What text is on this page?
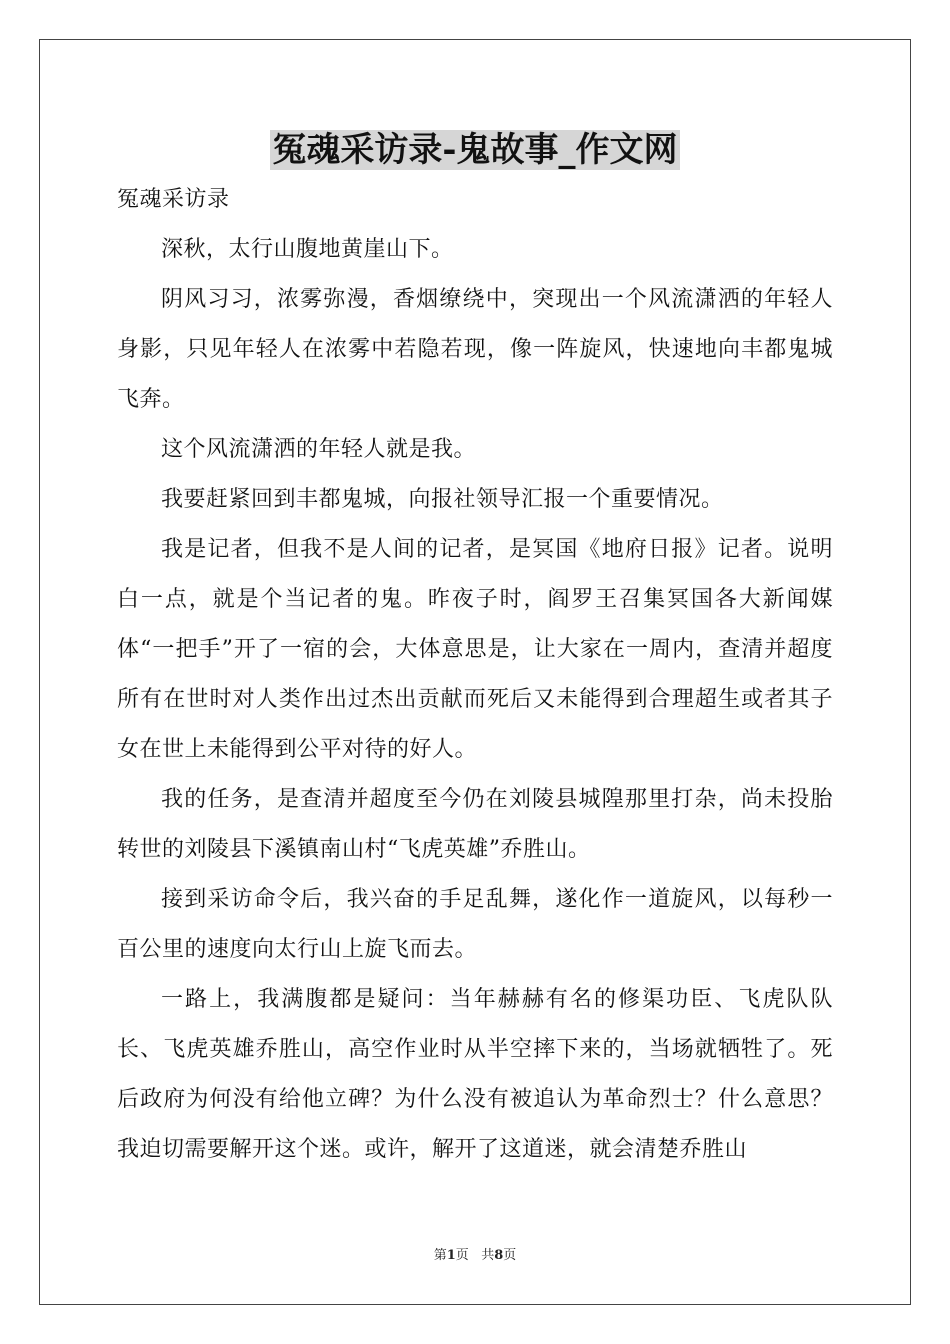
冤魂采访录-鬼故事_作文网

冤魂采访录

深秋，太行山腹地黄崖山下。

阴风习习，浓雾弥漫，香烟缭绕中，突现出一个风流潇洒的年轻人身影，只见年轻人在浓雾中若隐若现，像一阵旋风，快速地向丰都鬼城飞奔。

这个风流潇洒的年轻人就是我。

我要赶紧回到丰都鬼城，向报社领导汇报一个重要情况。

我是记者，但我不是人间的记者，是冥国《地府日报》记者。说明白一点，就是个当记者的鬼。昨夜子时，阎罗王召集冥国各大新闻媒体“一把手”开了一宿的会，大体意思是，让大家在一周内，查清并超度所有在世时对人类作出过杰出贡献而死后又未能得到合理超生或者其子女在世上未能得到公平对待的好人。

我的任务，是查清并超度至今仍在刘陵县城隍那里打杂，尚未投胎转世的刘陵县下溪镇南山村“飞虎英雄”乔胜山。

接到采访命令后，我兴奋的手足乱舞，遂化作一道旋风，以每秒一百公里的速度向太行山上旋飞而去。

一路上，我满腹都是疑问：当年赫赫有名的修渠功臣、飞虎队队长、飞虎英雄乔胜山，高空作业时从半空摔下来的，当场就牺牲了。死后政府为何没有给他立碑？为什么没有被追认为革命烈士？什么意思？我迫切需要解开这个迷。或许，解开了这道迷，就会清楚乔胜山

第1页 共8页
